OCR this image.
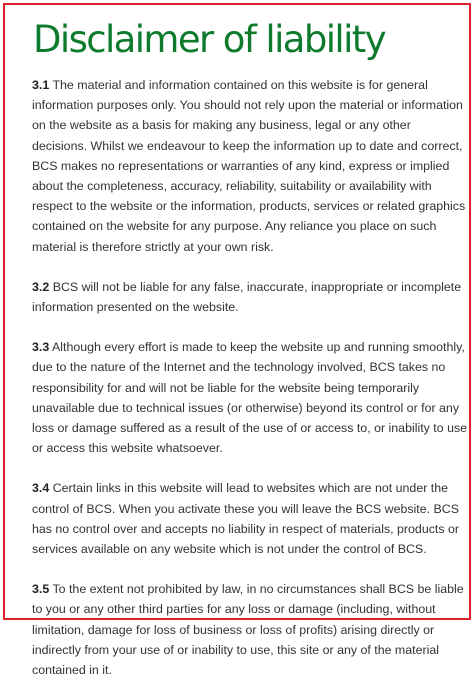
Disclaimer of liability

3.1 The material and information contained on this website is for general information purposes only. You should not rely upon the material or information on the website as a basis for making any business, legal or any other decisions. Whilst we endeavour to keep the information up to date and correct, BCS makes no representations or warranties of any kind, express or implied about the completeness, accuracy, reliability, suitability or availability with respect to the website or the information, products, services or related graphics contained on the website for any purpose. Any reliance you place on such material is therefore strictly at your own risk.

3.2 BCS will not be liable for any false, inaccurate, inappropriate or incomplete information presented on the website.

3.3 Although every effort is made to keep the website up and running smoothly, due to the nature of the Internet and the technology involved, BCS takes no responsibility for and will not be liable for the website being temporarily unavailable due to technical issues (or otherwise) beyond its control or for any loss or damage suffered as a result of the use of or access to, or inability to use or access this website whatsoever.

3.4 Certain links in this website will lead to websites which are not under the control of BCS. When you activate these you will leave the BCS website. BCS has no control over and accepts no liability in respect of materials, products or services available on any website which is not under the control of BCS.

3.5 To the extent not prohibited by law, in no circumstances shall BCS be liable to you or any other third parties for any loss or damage (including, without limitation, damage for loss of business or loss of profits) arising directly or indirectly from your use of or inability to use, this site or any of the material contained in it.
